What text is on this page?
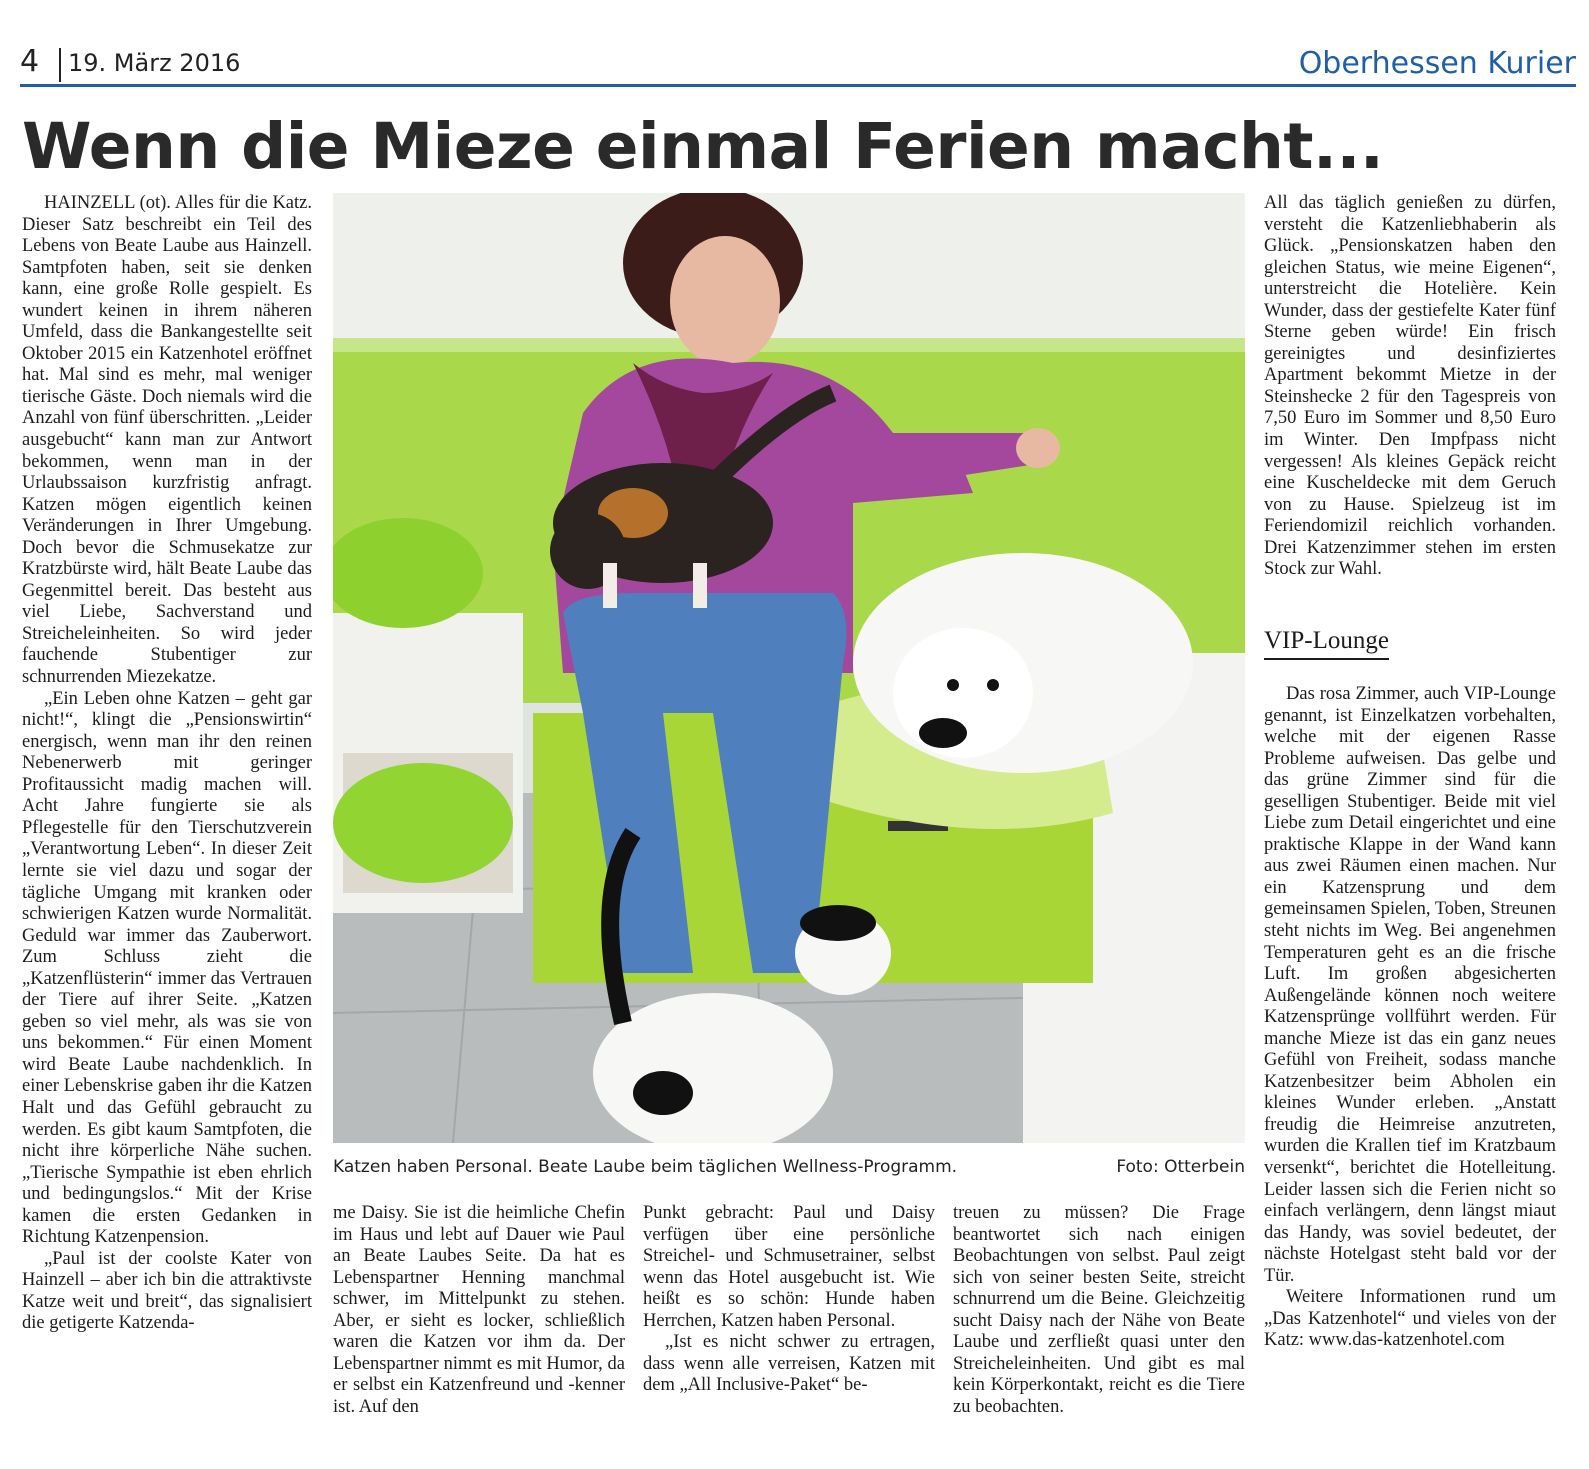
4 19. März 2016	Oberhessen Kurier
Wenn die Mieze einmal Ferien macht...

HAINZELL (ot). Alles für die Katz. Dieser Satz beschreibt ein Teil des Lebens von Beate Laube aus Hainzell. Samtpfoten haben, seit sie denken kann, eine große Rolle gespielt. Es wundert keinen in ihrem näheren Umfeld, dass die Bankangestellte seit Oktober 2015 ein Katzenhotel eröffnet hat. Mal sind es mehr, mal weniger tierische Gäste. Doch niemals wird die Anzahl von fünf überschritten. „Leider ausgebucht“ kann man zur Antwort bekommen, wenn man in der Urlaubssaison kurzfristig anfragt. Katzen mögen eigentlich keinen Veränderungen in Ihrer Umgebung. Doch bevor die Schmusekatze zur Kratzbürste wird, hält Beate Laube das Gegenmittel bereit. Das besteht aus viel Liebe, Sachverstand und Streicheleinheiten. So wird jeder fauchende Stubentiger zur schnurrenden Miezekatze.

„Ein Leben ohne Katzen – geht gar nicht!“, klingt die „Pensionswirtin“ energisch, wenn man ihr den reinen Nebenerwerb mit geringer Profitaussicht madig machen will. Acht Jahre fungierte sie als Pflegestelle für den Tierschutzverein „Verantwortung Leben“. In dieser Zeit lernte sie viel dazu und sogar der tägliche Umgang mit kranken oder schwierigen Katzen wurde Normalität. Geduld war immer das Zauberwort. Zum Schluss zieht die „Katzenflüsterin“ immer das Vertrauen der Tiere auf ihrer Seite. „Katzen geben so viel mehr, als was sie von uns bekommen.“ Für einen Moment wird Beate Laube nachdenklich. In einer Lebenskrise gaben ihr die Katzen Halt und das Gefühl gebraucht zu werden. Es gibt kaum Samtpfoten, die nicht ihre körperliche Nähe suchen. „Tierische Sympathie ist eben ehrlich und bedingungslos.“ Mit der Krise kamen die ersten Gedanken in Richtung Katzenpension.

„Paul ist der coolste Kater von Hainzell – aber ich bin die attraktivste Katze weit und breit“, das signalisiert die getigerte Katzenda-

Katzen haben Personal. Beate Laube beim täglichen Wellness-Programm.	Foto: Otterbein

me Daisy. Sie ist die heimliche Chefin im Haus und lebt auf Dauer wie Paul an Beate Laubes Seite. Da hat es Lebenspartner Henning manchmal schwer, im Mittelpunkt zu stehen. Aber, er sieht es locker, schließlich waren die Katzen vor ihm da. Der Lebenspartner nimmt es mit Humor, da er selbst ein Katzenfreund und -kenner ist. Auf den

Punkt gebracht: Paul und Daisy verfügen über eine persönliche Streichel- und Schmusetrainer, selbst wenn das Hotel ausgebucht ist. Wie heißt es so schön: Hunde haben Herrchen, Katzen haben Personal.

„Ist es nicht schwer zu ertragen, dass wenn alle verreisen, Katzen mit dem „All Inclusive-Paket“ be-

treuen zu müssen? Die Frage beantwortet sich nach einigen Beobachtungen von selbst. Paul zeigt sich von seiner besten Seite, streicht schnurrend um die Beine. Gleichzeitig sucht Daisy nach der Nähe von Beate Laube und zerfließt quasi unter den Streicheleinheiten. Und gibt es mal kein Körperkontakt, reicht es die Tiere zu beobachten.

All das täglich genießen zu dürfen, versteht die Katzenliebhaberin als Glück. „Pensionskatzen haben den gleichen Status, wie meine Eigenen“, unterstreicht die Hotelière. Kein Wunder, dass der gestiefelte Kater fünf Sterne geben würde! Ein frisch gereinigtes und desinfiziertes Apartment bekommt Mietze in der Steinshecke 2 für den Tagespreis von 7,50 Euro im Sommer und 8,50 Euro im Winter. Den Impfpass nicht vergessen! Als kleines Gepäck reicht eine Kuscheldecke mit dem Geruch von zu Hause. Spielzeug ist im Feriendomizil reichlich vorhanden. Drei Katzenzimmer stehen im ersten Stock zur Wahl.

VIP-Lounge

Das rosa Zimmer, auch VIP-Lounge genannt, ist Einzelkatzen vorbehalten, welche mit der eigenen Rasse Probleme aufweisen. Das gelbe und das grüne Zimmer sind für die geselligen Stubentiger. Beide mit viel Liebe zum Detail eingerichtet und eine praktische Klappe in der Wand kann aus zwei Räumen einen machen. Nur ein Katzensprung und dem gemeinsamen Spielen, Toben, Streunen steht nichts im Weg. Bei angenehmen Temperaturen geht es an die frische Luft. Im großen abgesicherten Außengelände können noch weitere Katzensprünge vollführt werden. Für manche Mieze ist das ein ganz neues Gefühl von Freiheit, sodass manche Katzenbesitzer beim Abholen ein kleines Wunder erleben. „Anstatt freudig die Heimreise anzutreten, wurden die Krallen tief im Kratzbaum versenkt“, berichtet die Hotelleitung. Leider lassen sich die Ferien nicht so einfach verlängern, denn längst miaut das Handy, was soviel bedeutet, der nächste Hotelgast steht bald vor der Tür.

Weitere Informationen rund um „Das Katzenhotel“ und vieles von der Katz: www.das-katzenhotel.com
